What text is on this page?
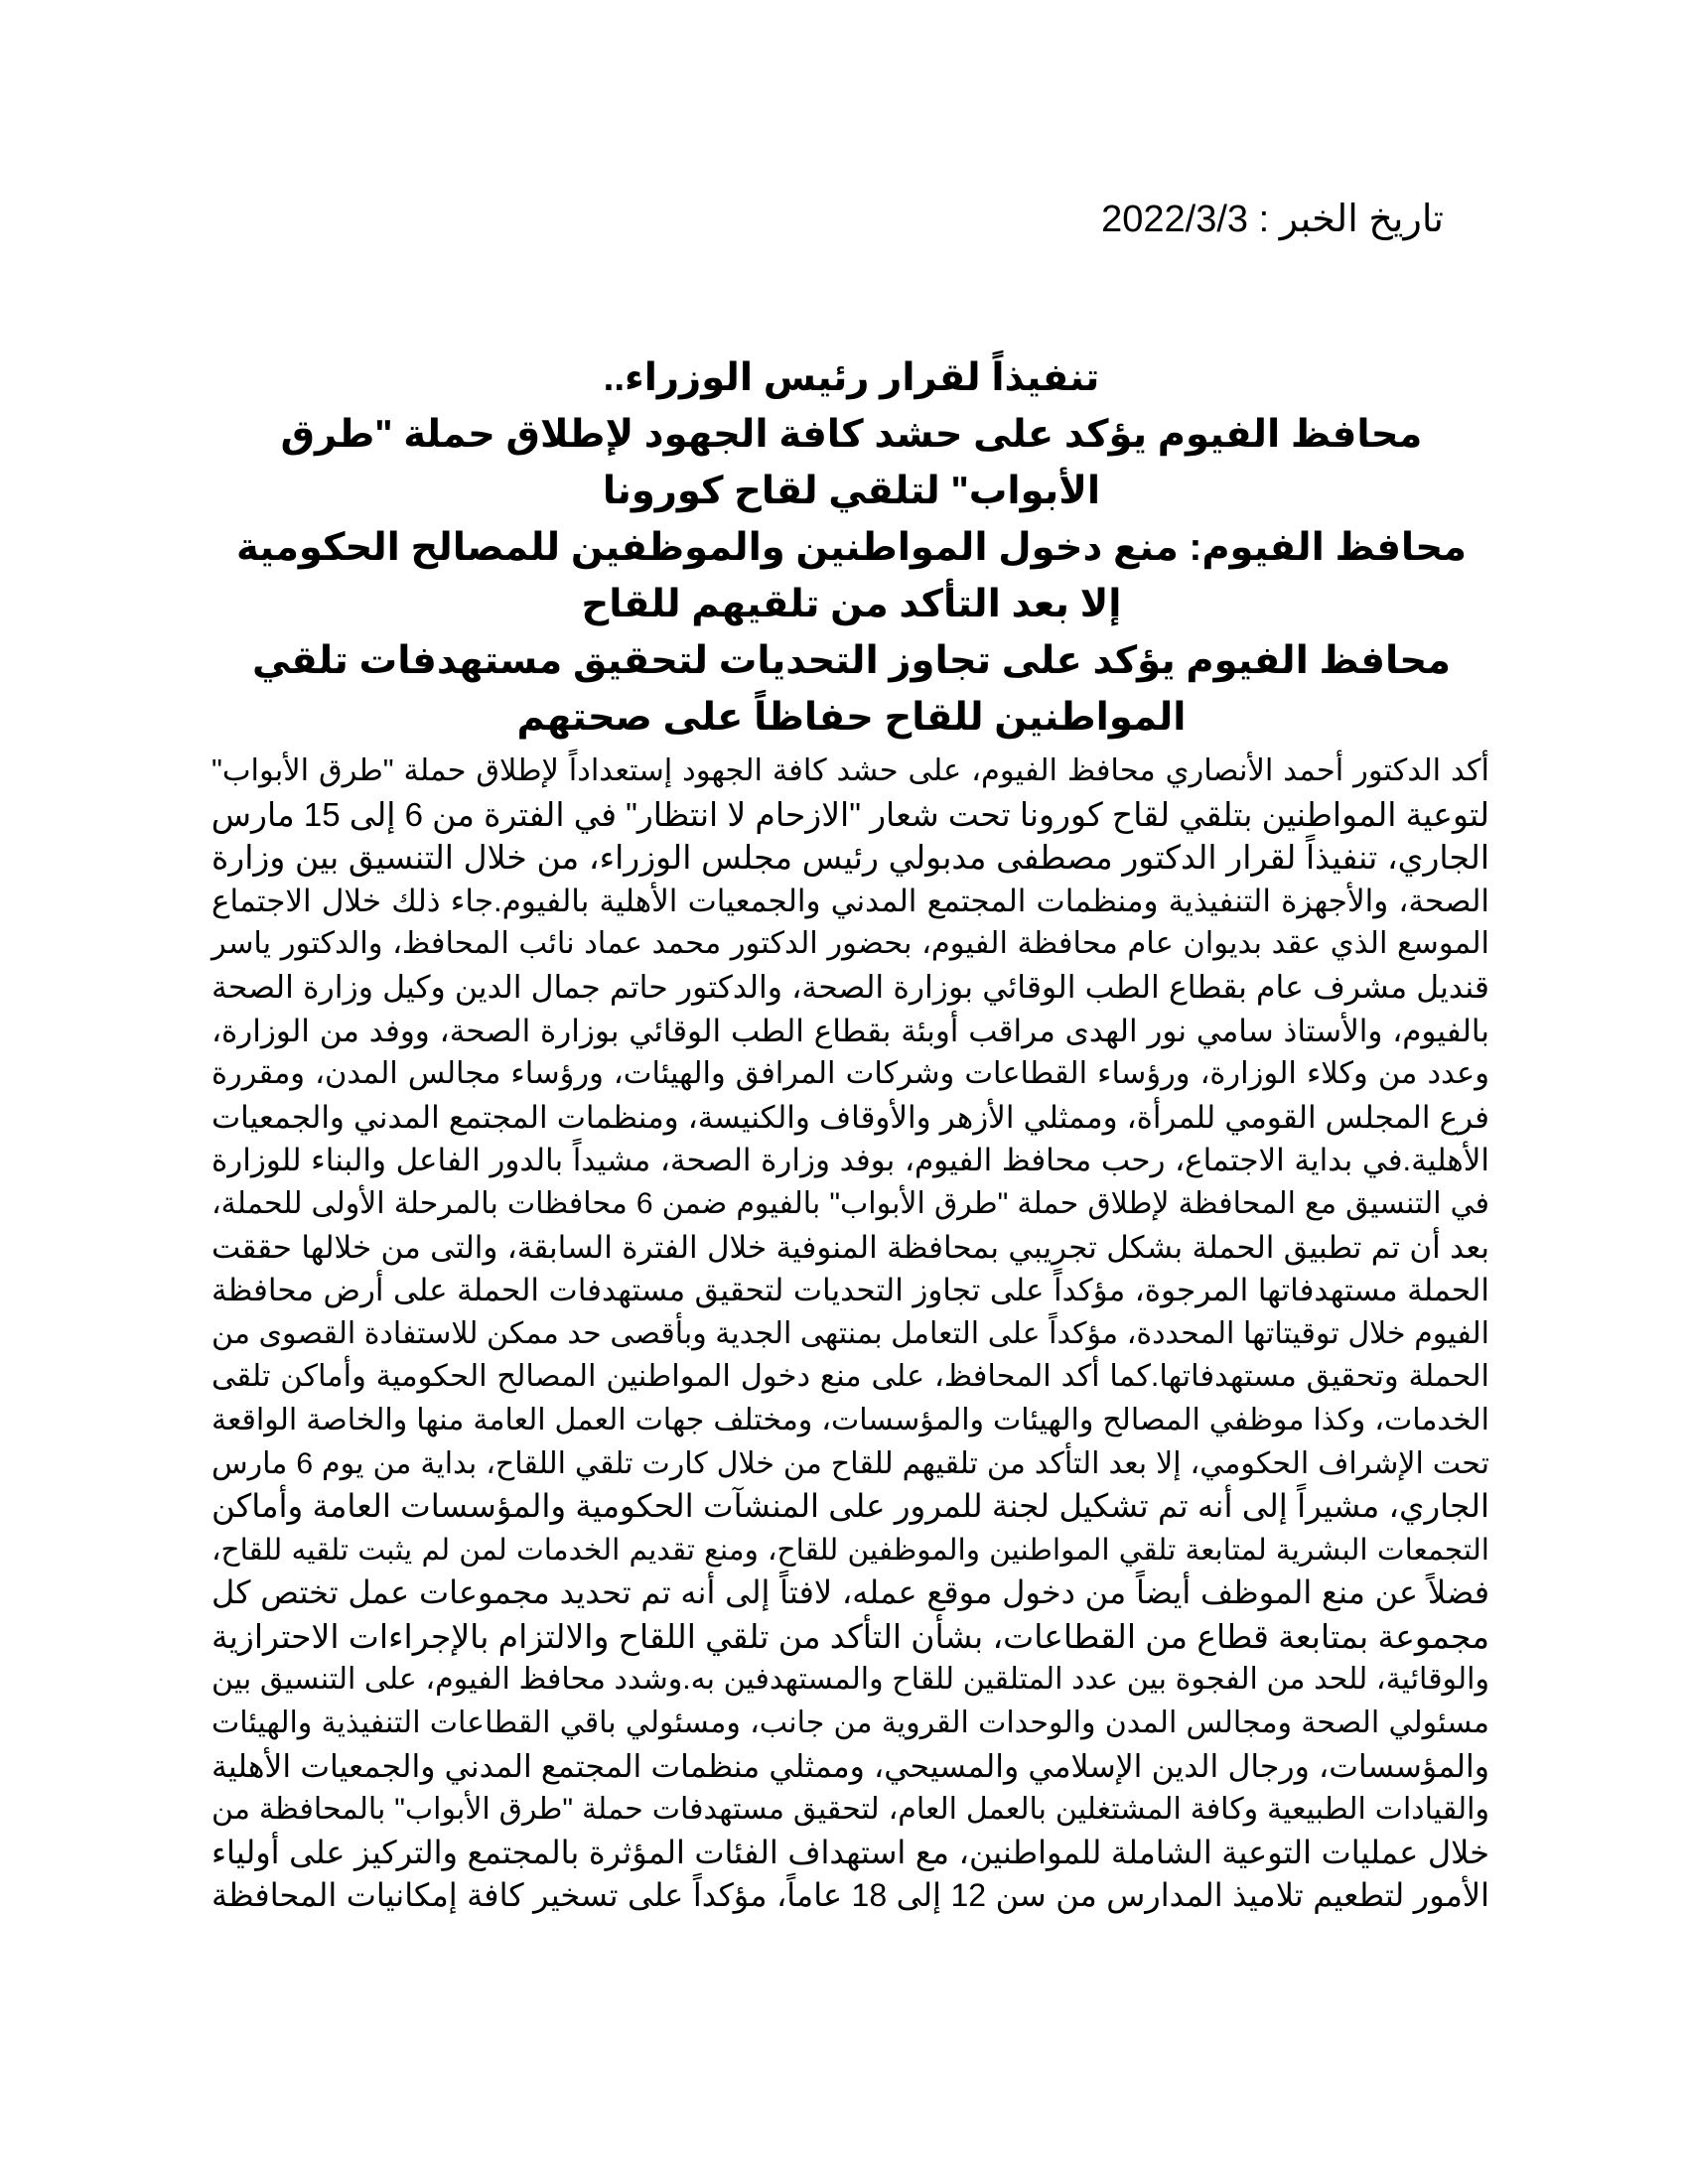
تاريخ الخبر : 2022/3/3

تنفيذاً لقرار رئيس الوزراء..

محافظ الفيوم يؤكد على حشد كافة الجهود لإطلاق حملة "طرق الأبواب" لتلقي لقاح كورونا

محافظ الفيوم: منع دخول المواطنين والموظفين للمصالح الحكومية إلا بعد التأكد من تلقيهم للقاح

محافظ الفيوم يؤكد على تجاوز التحديات لتحقيق مستهدفات تلقي المواطنين للقاح حفاظاً على صحتهم

أكد الدكتور أحمد الأنصاري محافظ الفيوم، على حشد كافة الجهود إستعداداً لإطلاق حملة "طرق الأبواب"
لتوعية المواطنين بتلقي لقاح كورونا تحت شعار "الازحام لا انتظار" في الفترة من 6 إلى 15 مارس
الجاري، تنفيذاً لقرار الدكتور مصطفى مدبولي رئيس مجلس الوزراء، من خلال التنسيق بين وزارة
الصحة، والأجهزة التنفيذية ومنظمات المجتمع المدني والجمعيات الأهلية بالفيوم.جاء ذلك خلال الاجتماع
الموسع الذي عقد بديوان عام محافظة الفيوم، بحضور الدكتور محمد عماد نائب المحافظ، والدكتور ياسر
قنديل مشرف عام بقطاع الطب الوقائي بوزارة الصحة، والدكتور حاتم جمال الدين وكيل وزارة الصحة
بالفيوم، والأستاذ سامي نور الهدى مراقب أوبئة بقطاع الطب الوقائي بوزارة الصحة، ووفد من الوزارة،
وعدد من وكلاء الوزارة، ورؤساء القطاعات وشركات المرافق والهيئات، ورؤساء مجالس المدن، ومقررة
فرع المجلس القومي للمرأة، وممثلي الأزهر والأوقاف والكنيسة، ومنظمات المجتمع المدني والجمعيات
الأهلية.في بداية الاجتماع، رحب محافظ الفيوم، بوفد وزارة الصحة، مشيداً بالدور الفاعل والبناء للوزارة
في التنسيق مع المحافظة لإطلاق حملة "طرق الأبواب" بالفيوم ضمن 6 محافظات بالمرحلة الأولى للحملة،
بعد أن تم تطبيق الحملة بشكل تجريبي بمحافظة المنوفية خلال الفترة السابقة، والتى من خلالها حققت
الحملة مستهدفاتها المرجوة، مؤكداً على تجاوز التحديات لتحقيق مستهدفات الحملة على أرض محافظة
الفيوم خلال توقيتاتها المحددة، مؤكداً على التعامل بمنتهى الجدية وبأقصى حد ممكن للاستفادة القصوى من
الحملة وتحقيق مستهدفاتها.كما أكد المحافظ، على منع دخول المواطنين المصالح الحكومية وأماكن تلقى
الخدمات، وكذا موظفي المصالح والهيئات والمؤسسات، ومختلف جهات العمل العامة منها والخاصة الواقعة
تحت الإشراف الحكومي، إلا بعد التأكد من تلقيهم للقاح من خلال كارت تلقي اللقاح، بداية من يوم 6 مارس
الجاري، مشيراً إلى أنه تم تشكيل لجنة للمرور على المنشآت الحكومية والمؤسسات العامة وأماكن
التجمعات البشرية لمتابعة تلقي المواطنين والموظفين للقاح، ومنع تقديم الخدمات لمن لم يثبت تلقيه للقاح،
فضلاً عن منع الموظف أيضاً من دخول موقع عمله، لافتاً إلى أنه تم تحديد مجموعات عمل تختص كل
مجموعة بمتابعة قطاع من القطاعات، بشأن التأكد من تلقي اللقاح والالتزام بالإجراءات الاحترازية
والوقائية، للحد من الفجوة بين عدد المتلقين للقاح والمستهدفين به.وشدد محافظ الفيوم، على التنسيق بين
مسئولي الصحة ومجالس المدن والوحدات القروية من جانب، ومسئولي باقي القطاعات التنفيذية والهيئات
والمؤسسات، ورجال الدين الإسلامي والمسيحي، وممثلي منظمات المجتمع المدني والجمعيات الأهلية
والقيادات الطبيعية وكافة المشتغلين بالعمل العام، لتحقيق مستهدفات حملة "طرق الأبواب" بالمحافظة من
خلال عمليات التوعية الشاملة للمواطنين، مع استهداف الفئات المؤثرة بالمجتمع والتركيز على أولياء
الأمور لتطعيم تلاميذ المدارس من سن 12 إلى 18 عاماً، مؤكداً على تسخير كافة إمكانيات المحافظة
